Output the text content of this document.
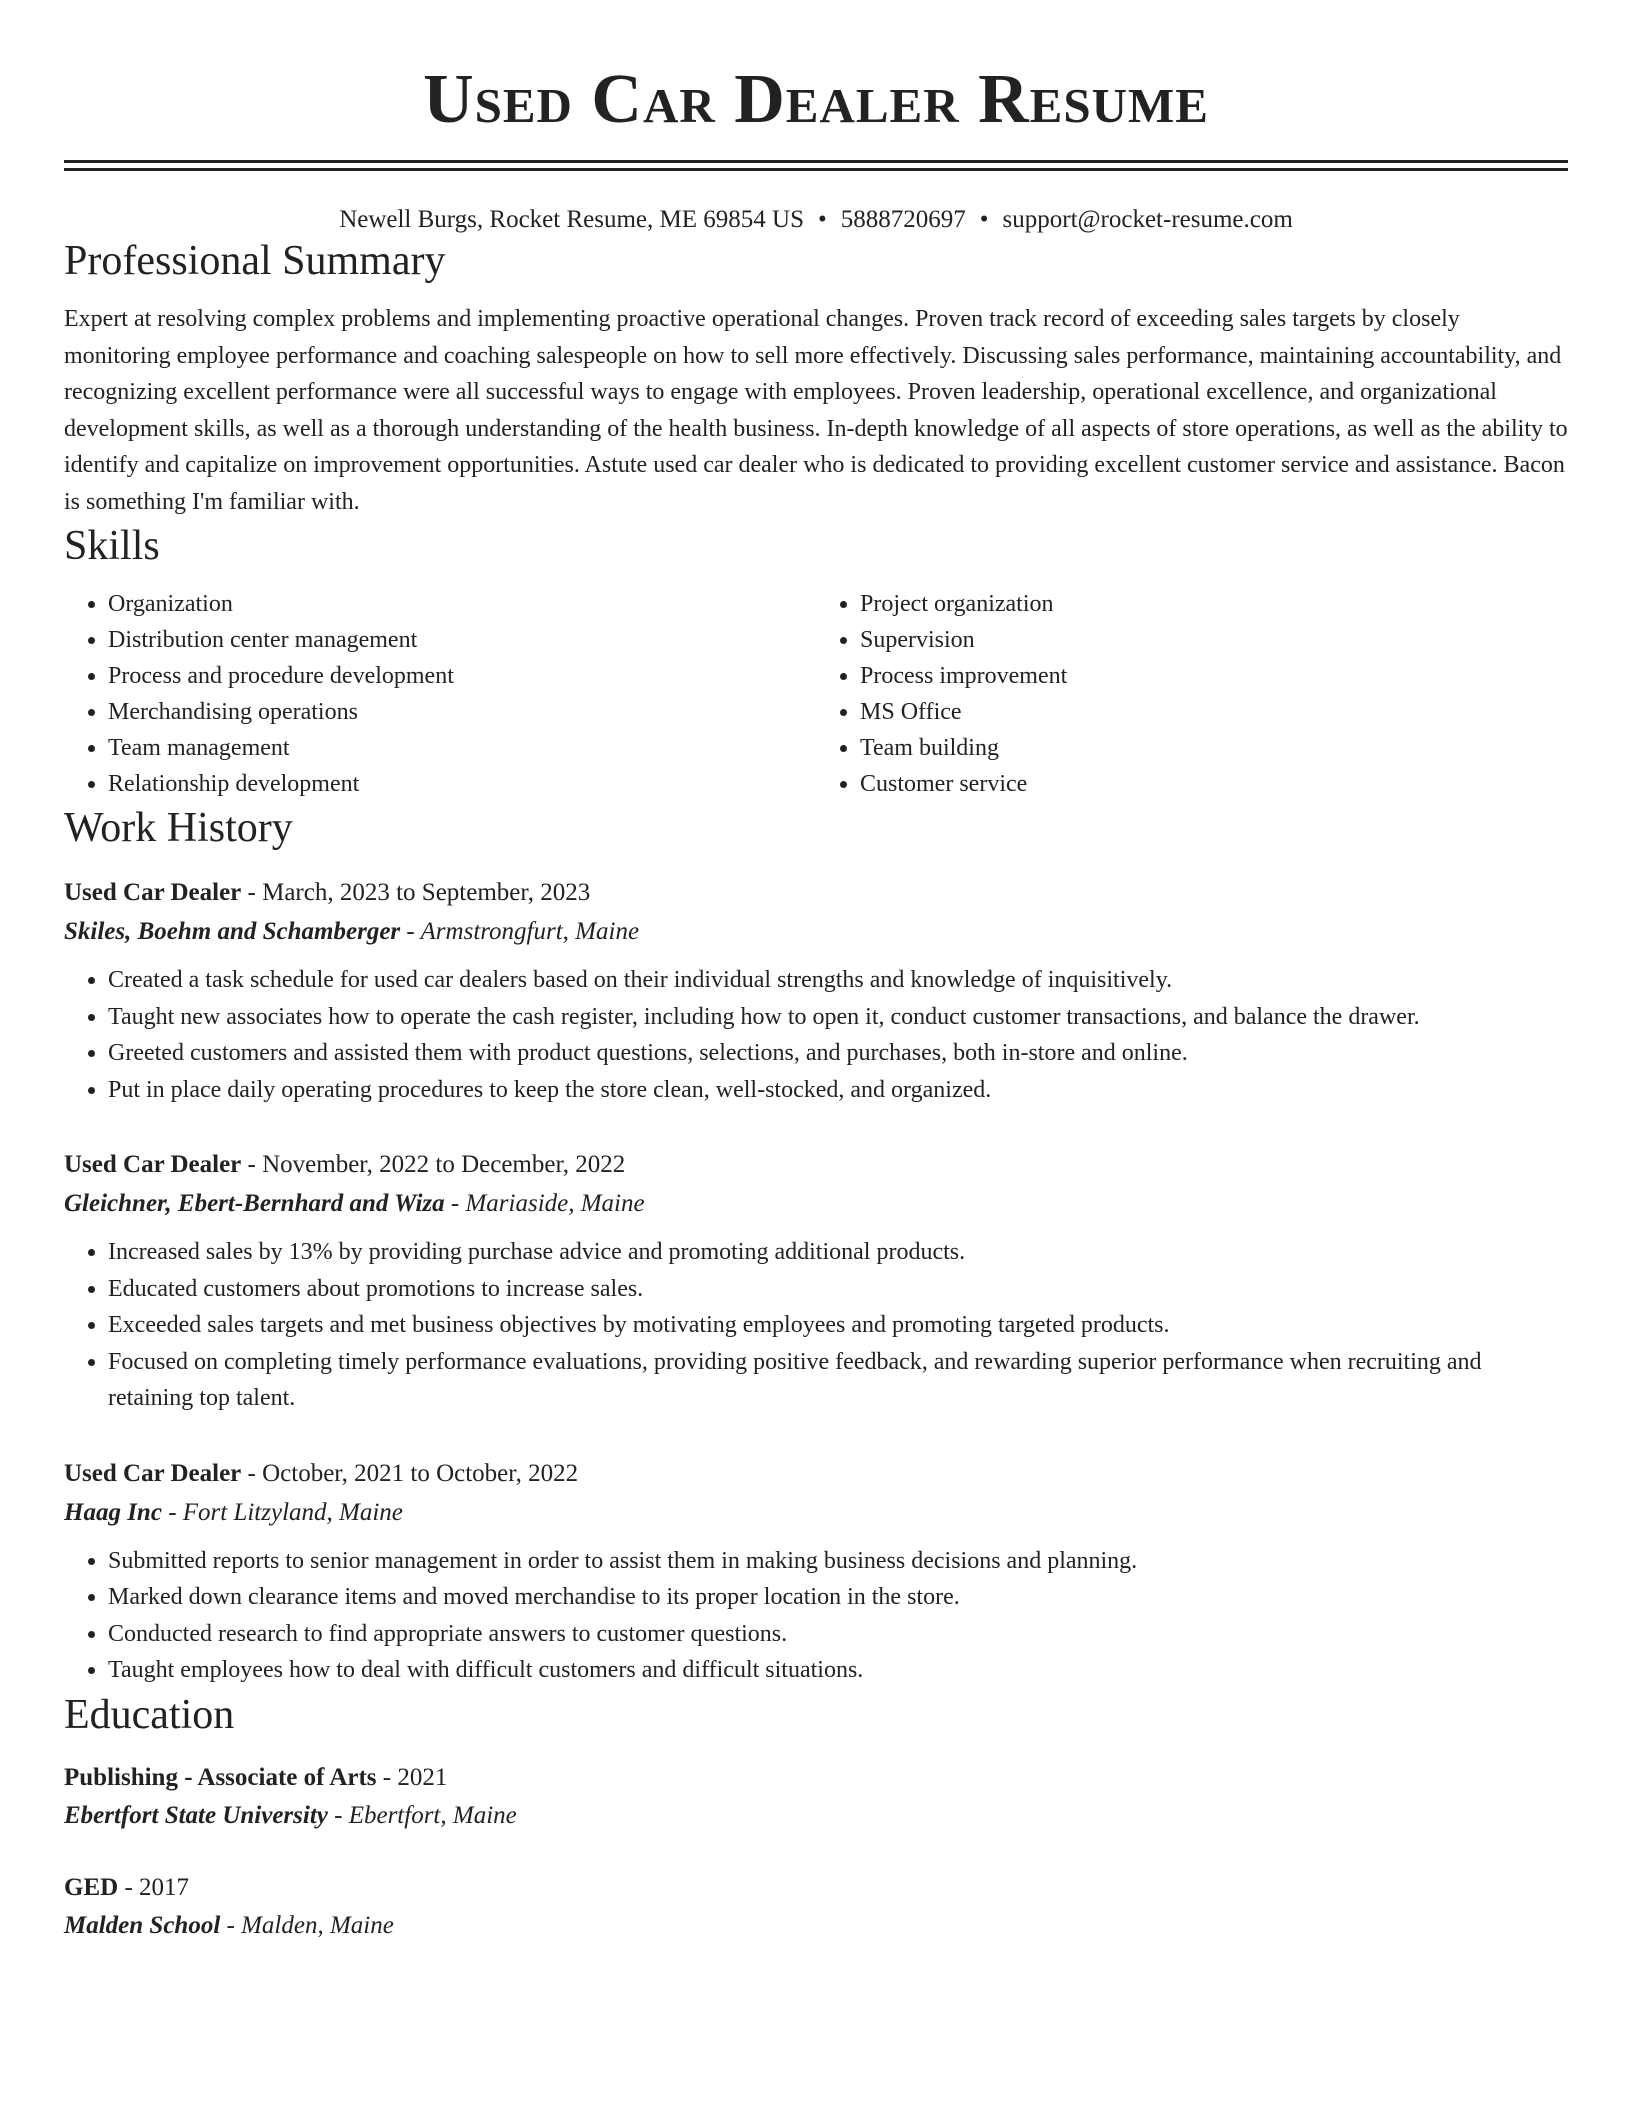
Used Car Dealer Resume
Newell Burgs, Rocket Resume, ME 69854 US • 5888720697 • support@rocket-resume.com
Professional Summary

Expert at resolving complex problems and implementing proactive operational changes. Proven track record of exceeding sales targets by closely monitoring employee performance and coaching salespeople on how to sell more effectively. Discussing sales performance, maintaining accountability, and recognizing excellent performance were all successful ways to engage with employees. Proven leadership, operational excellence, and organizational development skills, as well as a thorough understanding of the health business. In-depth knowledge of all aspects of store operations, as well as the ability to identify and capitalize on improvement opportunities. Astute used car dealer who is dedicated to providing excellent customer service and assistance. Bacon is something I'm familiar with.

Skills
• Organization
• Distribution center management
• Process and procedure development
• Merchandising operations
• Team management
• Relationship development
• Project organization
• Supervision
• Process improvement
• MS Office
• Team building
• Customer service
Work History
Used Car Dealer - March, 2023 to September, 2023
Skiles, Boehm and Schamberger - Armstrongfurt, Maine
• Created a task schedule for used car dealers based on their individual strengths and knowledge of inquisitively.
• Taught new associates how to operate the cash register, including how to open it, conduct customer transactions, and balance the drawer.
• Greeted customers and assisted them with product questions, selections, and purchases, both in-store and online.
• Put in place daily operating procedures to keep the store clean, well-stocked, and organized.
Used Car Dealer - November, 2022 to December, 2022
Gleichner, Ebert-Bernhard and Wiza - Mariaside, Maine
• Increased sales by 13% by providing purchase advice and promoting additional products.
• Educated customers about promotions to increase sales.
• Exceeded sales targets and met business objectives by motivating employees and promoting targeted products.
• Focused on completing timely performance evaluations, providing positive feedback, and rewarding superior performance when recruiting and retaining top talent.
Used Car Dealer - October, 2021 to October, 2022
Haag Inc - Fort Litzyland, Maine
• Submitted reports to senior management in order to assist them in making business decisions and planning.
• Marked down clearance items and moved merchandise to its proper location in the store.
• Conducted research to find appropriate answers to customer questions.
• Taught employees how to deal with difficult customers and difficult situations.
Education
Publishing - Associate of Arts - 2021
Ebertfort State University - Ebertfort, Maine
GED - 2017
Malden School - Malden, Maine
